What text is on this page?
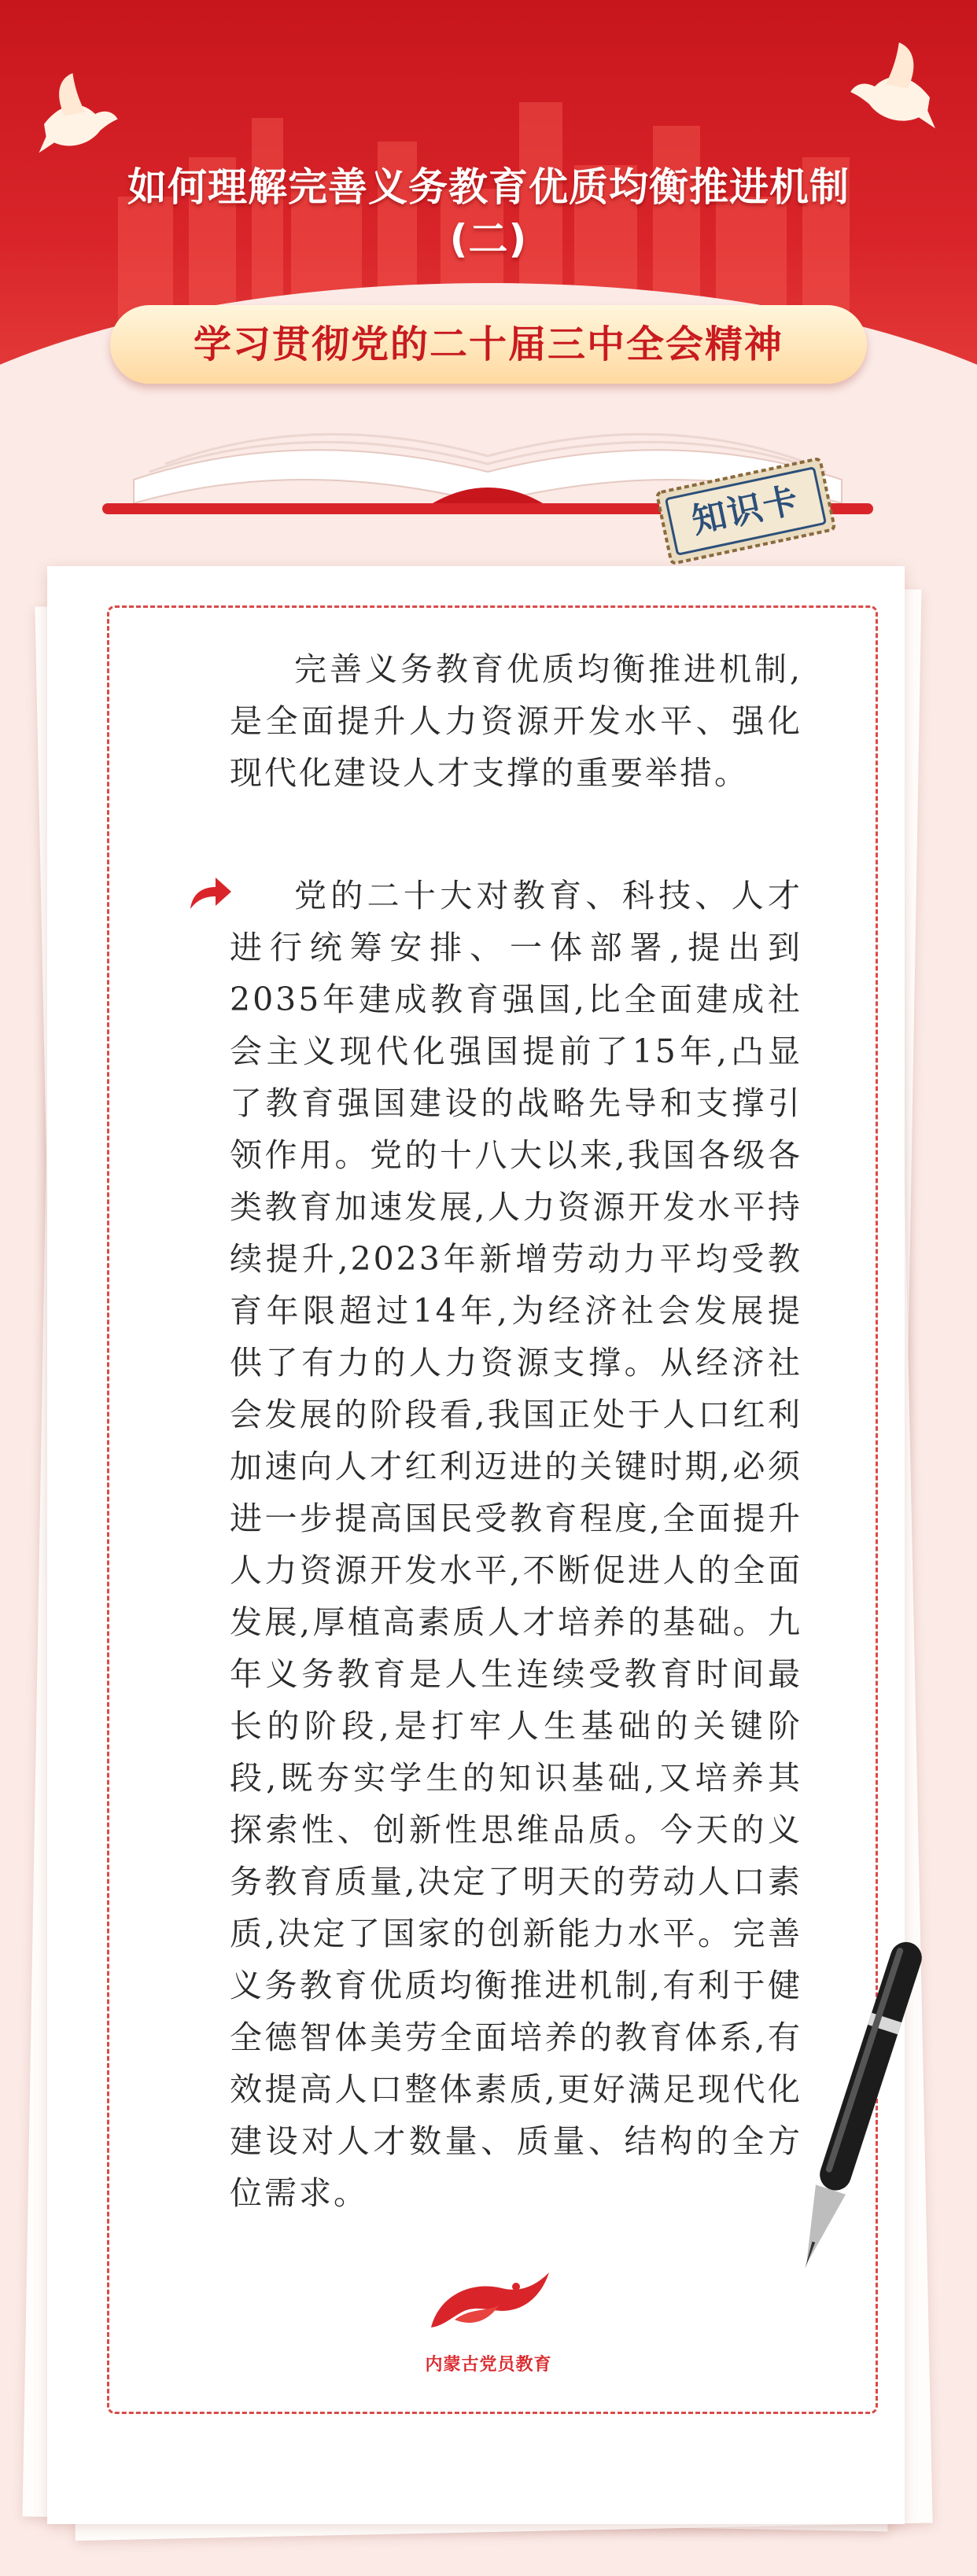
如何理解完善义务教育优质均衡推进机制
(二)
学习贯彻党的二十届三中全会精神
知识卡

完善义务教育优质均衡推进机制,是全面提升人力资源开发水平、强化现代化建设人才支撑的重要举措。

党的二十大对教育、科技、人才进行统筹安排、一体部署,提出到2035年建成教育强国,比全面建成社会主义现代化强国提前了15年,凸显了教育强国建设的战略先导和支撑引领作用。党的十八大以来,我国各级各类教育加速发展,人力资源开发水平持续提升,2023年新增劳动力平均受教育年限超过14年,为经济社会发展提供了有力的人力资源支撑。从经济社会发展的阶段看,我国正处于人口红利加速向人才红利迈进的关键时期,必须进一步提高国民受教育程度,全面提升人力资源开发水平,不断促进人的全面发展,厚植高素质人才培养的基础。九年义务教育是人生连续受教育时间最长的阶段,是打牢人生基础的关键阶段,既夯实学生的知识基础,又培养其探索性、创新性思维品质。今天的义务教育质量,决定了明天的劳动人口素质,决定了国家的创新能力水平。完善义务教育优质均衡推进机制,有利于健全德智体美劳全面培养的教育体系,有效提高人口整体素质,更好满足现代化建设对人才数量、质量、结构的全方位需求。

内蒙古党员教育
